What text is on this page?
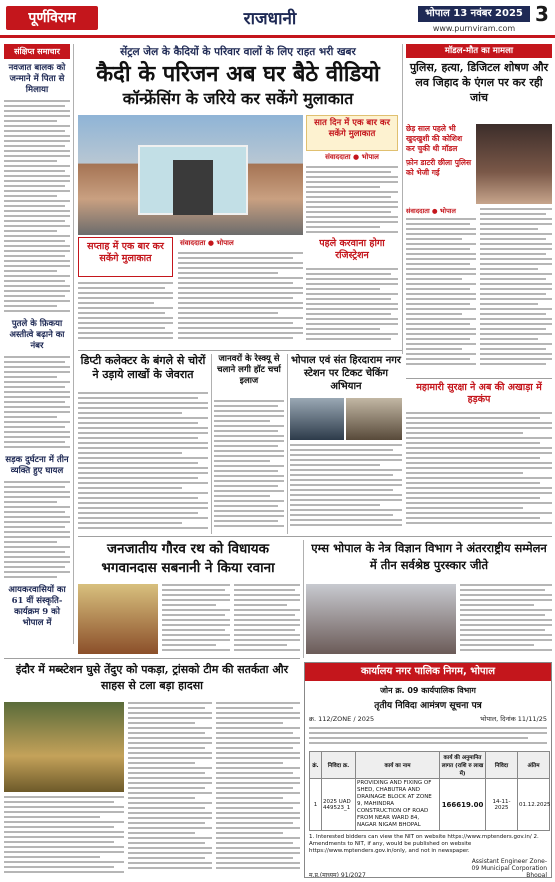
पूर्णविराम	राजधानी	भोपाल 13 नवंबर 2025 3
www.purnviram.com
संक्षिप्त समाचार
नवजात बालक को जन्माने में पिता से मिलाया
पुतले के फ़िकया अस्तीत्वे बढ़ाने का नंबर
सड़क दुर्घटना में तीन व्यक्ति हुए घायल
आयकरवासियों का 61 वीं संस्कृति-कार्यक्रम 9 को भोपाल में
सेंट्रल जेल के कैदियों के परिवार वालों के लिए राहत भरी खबर
कैदी के परिजन अब घर बैठे वीडियो
कॉन्फ्रेंसिंग के जरिये कर सकेंगे मुलाकात
सप्ताह में एक बार कर सकेंगे मुलाकात
संवाददाता ● भोपाल
सात दिन में एक बार कर सकेंगे मुलाकात
संवाददाता ● भोपाल
पहले करवाना होगा रजिस्ट्रेशन
मॉडल-मौत का मामला
पुलिस, हत्या, डिजिटल शोषण और लव जिहाद के एंगल पर कर रही जांच
छेड़ साल पहले भी खुदखुशी की कोशिश कर चुकी थी मॉडल
फ़ोन डाटरी छीला पुलिस को भेजी गई
संवाददाता ● भोपाल
महामारी सुरक्षा ने अब की अखाड़ा में हड़कंप
डिप्टी कलेक्टर के बंगले से चोरों ने उड़ाये लाखों के जेवरात
जानवरों के रेस्क्यू से चलाने लगी हॉट चर्चा इलाज
भोपाल एवं संत हिरदाराम नगर स्टेशन पर टिकट चेकिंग अभियान
जनजातीय गौरव रथ को विधायक भगवानदास सबनानी ने किया रवाना
एम्स भोपाल के नेत्र विज्ञान विभाग ने अंतरराष्ट्रीय सम्मेलन में तीन सर्वश्रेष्ठ पुरस्कार जीते
इंदौर में मब्स्टेशन घुसे तेंदुए को पकड़ा, ट्रांसको टीम की सतर्कता और साहस से टला बड़ा हादसा
कार्यालय नगर पालिक निगम, भोपाल
जोन क्र. 09 कार्यपालिक विभाग
तृतीय निविदा आमंत्रण सूचना पत्र
क्र. 112/ZONE / 2025	भोपाल, दिनांक 11/11/25
क्रं.	निविदा क्र.	कार्य का नाम	कार्य की अनुमानित लागत (राशि रु लाख में)	निविदा	अंतिम
1	2025 UAD 449523_1	PROVIDING AND FIXING OF SHED, CHABUTRA AND DRAINAGE BLOCK AT ZONE 9, MAHINDRA CONSTRUCTION OF ROAD FROM NEAR WARD 84, NAGAR NIGAM BHOPAL	166619.00	14-11-2025	01.12.2025
1. Interested bidders can view the NIT on website https://www.mptenders.gov.in/ 2. Amendments to NIT, if any, would be published on website https://www.mptenders.gov.in/only, and not in newspaper.
म.प्र.(माध्यम) 91/2027
Assistant Engineer Zone-09 Municipal Corporation Bhopal
